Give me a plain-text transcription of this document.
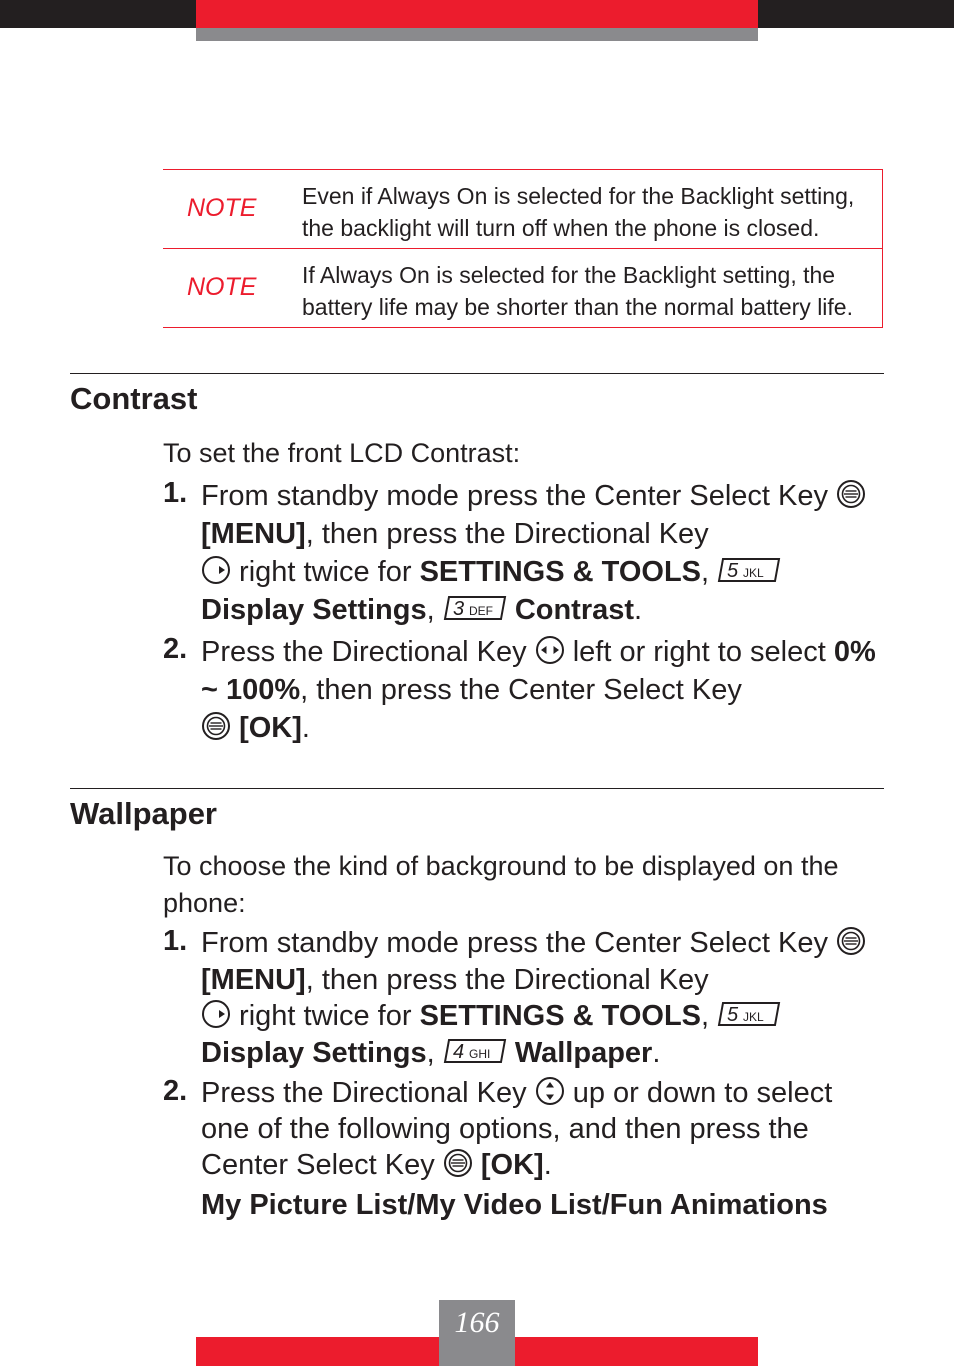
NOTE Even if Always On is selected for the Backlight setting, the backlight will turn off when the phone is closed.
NOTE If Always On is selected for the Backlight setting, the battery life may be shorter than the normal battery life.
Contrast
To set the front LCD Contrast:
1. From standby mode press the Center Select Key  [MENU], then press the Directional Key
right twice for SETTINGS & TOOLS, 5 JKL

Display Settings, 3 DEF Contrast.
2. Press the Directional Key  left or right to select 0% ~ 100%, then press the Center Select Key
[OK].
Wallpaper
To choose the kind of background to be displayed on the phone:
1. From standby mode press the Center Select Key  [MENU], then press the Directional Key
right twice for SETTINGS & TOOLS, 5 JKL

Display Settings, 4 GHI Wallpaper.
2. Press the Directional Key  up or down to select one of the following options, and then press the Center Select Key  [OK].
My Picture List/My Video List/Fun Animations
166
